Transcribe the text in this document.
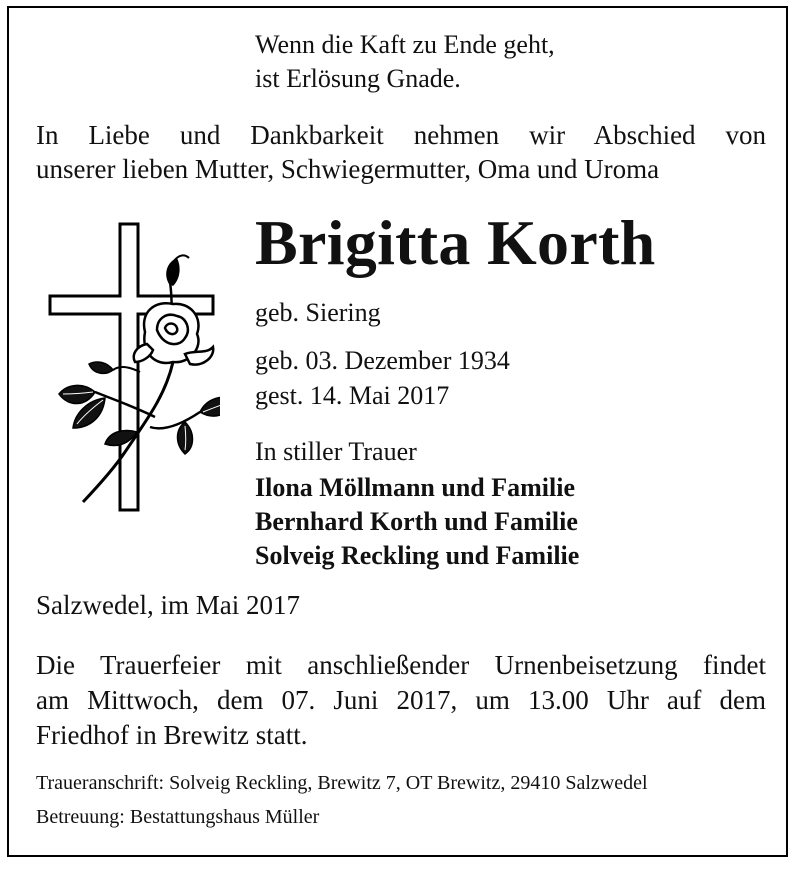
Wenn die Kaft zu Ende geht,
ist Erlösung Gnade.
In Liebe und Dankbarkeit nehmen wir Abschied von
unserer lieben Mutter, Schwiegermutter, Oma und Uroma
Brigitta Korth
geb. Siering
geb. 03. Dezember 1934
gest. 14. Mai 2017
In stiller Trauer
Ilona Möllmann und Familie
Bernhard Korth und Familie
Solveig Reckling und Familie
Salzwedel, im Mai 2017
Die Trauerfeier mit anschließender Urnenbeisetzung findet
am Mittwoch, dem 07. Juni 2017, um 13.00 Uhr auf dem
Friedhof in Brewitz statt.
Traueranschrift: Solveig Reckling, Brewitz 7, OT Brewitz, 29410 Salzwedel
Betreuung: Bestattungshaus Müller
